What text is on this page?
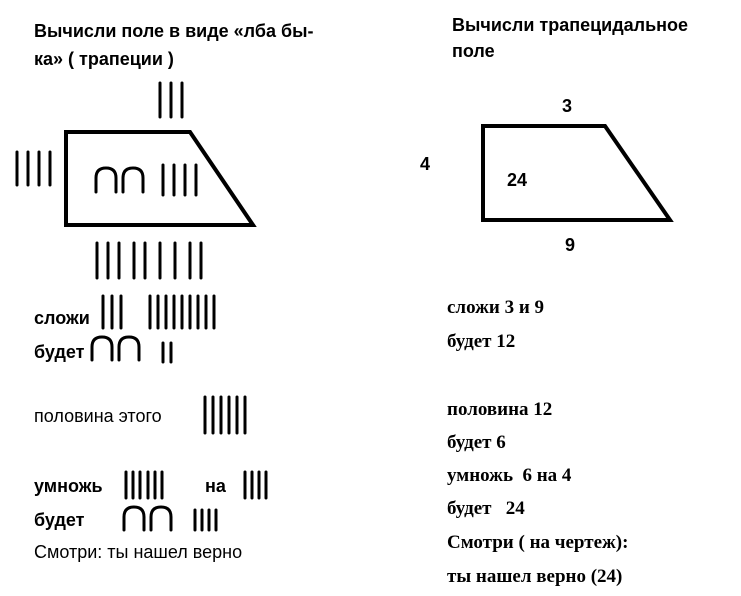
Вычисли поле в виде «лба бы-
ка» ( трапеции )
сложи
будет
половина этого
умножь	на
будет
Смотри: ты нашел верно
Вычисли трапецидальное
поле
3
4
24
9
сложи 3 и 9
будет 12
половина 12
будет 6
умножь  6 на 4
будет   24
Смотри ( на чертеж):
ты нашел верно (24)
